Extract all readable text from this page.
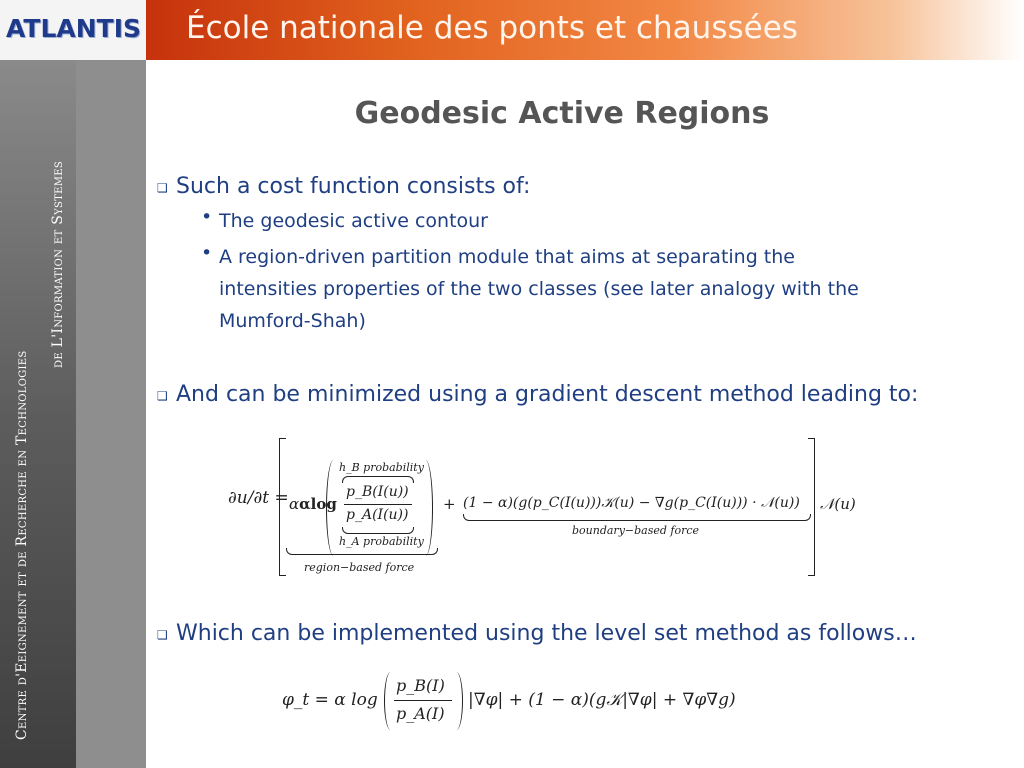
ATLANTIS École nationale des ponts et chaussées
Centre d'Eeignement et de Recherche en Technologies
de L'Information et Systemes
Geodesic Active Regions
❑ Such a cost function consists of:
• The geodesic active contour
• A region-driven partition module that aims at separating the
intensities properties of the two classes (see later analogy with the
Mumford-Shah)
❑ And can be minimized using a gradient descent method leading to:
∂u/∂t = ααlog
h_B probability
p_B(I(u))
p_A(I(u))
h_A probability
region−based force
+ (1 − α)(g(p_C(I(u)))𝒦(u) − ∇g(p_C(I(u))) · 𝒩(u))
boundary−based force
𝒩(u)
❑ Which can be implemented using the level set method as follows…
φ_t = α log
p_B(I)
p_A(I)
|∇φ| + (1 − α)(g𝒦|∇φ| + ∇φ∇g)
